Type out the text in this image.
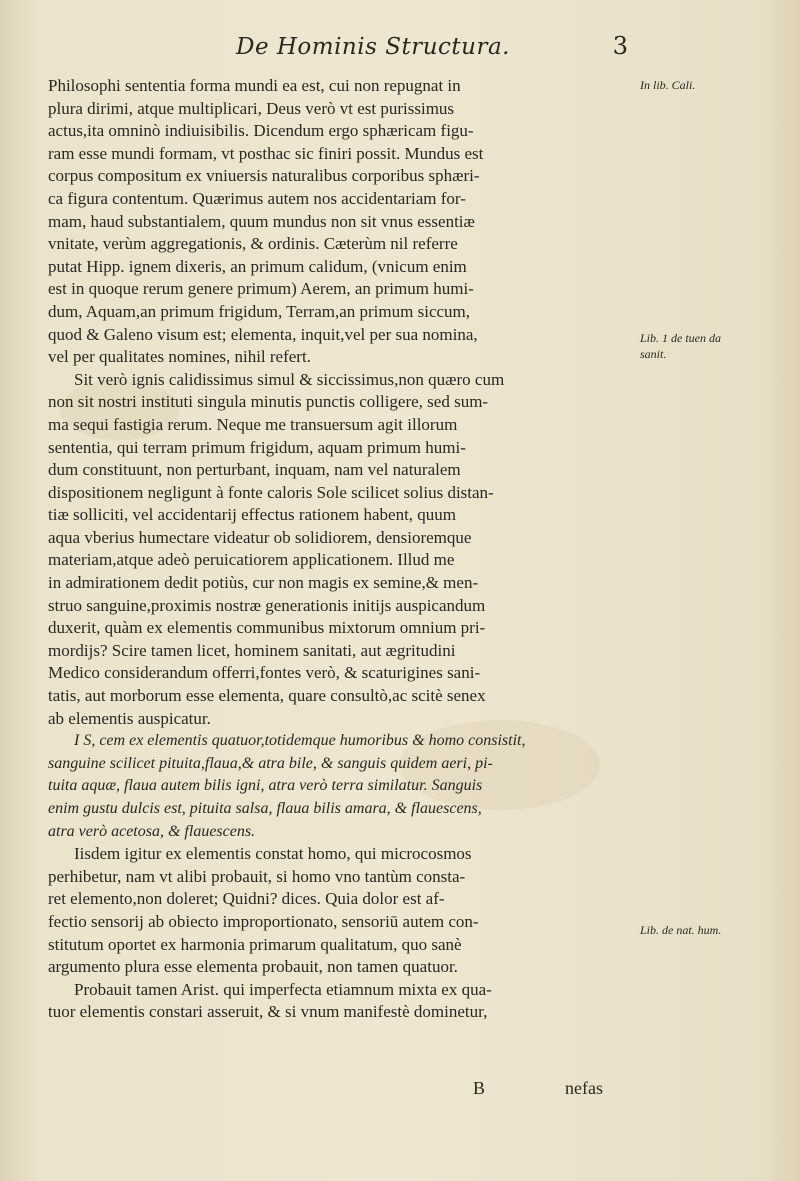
De Hominis Structura.	3
Philosophi sententia forma mundi ea est, cui non repugnat in
plura dirimi, atque multiplicari, Deus verò vt est purissimus
actus,ita omninò indiuisibilis. Dicendum ergo sphæricam figu-
ram esse mundi formam, vt posthac sic finiri possit. Mundus est
corpus compositum ex vniuersis naturalibus corporibus sphæri-
ca figura contentum. Quærimus autem nos accidentariam for-
mam, haud substantialem, quum mundus non sit vnus essentiæ
vnitate, verùm aggregationis, & ordinis. Cæterùm nil referre
putat Hipp. ignem dixeris, an primum calidum, (vnicum enim
est in quoque rerum genere primum) Aerem, an primum humi-
dum, Aquam,an primum frigidum, Terram,an primum siccum,
quod & Galeno visum est; elementa, inquit,vel per sua nomina,
vel per qualitates nomines, nihil refert.
Sit verò ignis calidissimus simul & siccissimus,non quæro cum
non sit nostri instituti singula minutis punctis colligere, sed sum-
ma sequi fastigia rerum. Neque me transuersum agit illorum
sententia, qui terram primum frigidum, aquam primum humi-
dum constituunt, non perturbant, inquam, nam vel naturalem
dispositionem negligunt à fonte caloris Sole scilicet solius distan-
tiæ solliciti, vel accidentarij effectus rationem habent, quum
aqua vberius humectare videatur ob solidiorem, densioremque
materiam,atque adeò peruicatiorem applicationem. Illud me
in admirationem dedit potiùs, cur non magis ex semine,& men-
struo sanguine,proximis nostræ generationis initijs auspicandum
duxerit, quàm ex elementis communibus mixtorum omnium pri-
mordijs? Scire tamen licet, hominem sanitati, aut ægritudini
Medico considerandum offerri,fontes verò, & scaturigines sani-
tatis, aut morborum esse elementa, quare consultò,ac scitè senex
ab elementis auspicatur.
I S, cem ex elementis quatuor,totidemque humoribus & homo consistit,
sanguine scilicet pituita,flaua,& atra bile, & sanguis quidem aeri, pi-
tuita aquæ, flaua autem bilis igni, atra verò terra similatur. Sanguis
enim gustu dulcis est, pituita salsa, flaua bilis amara, & flauescens,
atra verò acetosa, & flauescens.
Iisdem igitur ex elementis constat homo, qui microcosmos
perhibetur, nam vt alibi probauit, si homo vno tantùm consta-
ret elemento,non doleret; Quidni? dices. Quia dolor est af-
fectio sensorij ab obiecto improportionato, sensoriū autem con-
stitutum oportet ex harmonia primarum qualitatum, quo sanè
argumento plura esse elementa probauit, non tamen quatuor.
Probauit tamen Arist. qui imperfecta etiamnum mixta ex qua-
tuor elementis constari asseruit, & si vnum manifestè dominetur,
In lib. Cali.
Lib. 1 de tuen da sanit.
Lib. de nat. hum.
B	nefas
